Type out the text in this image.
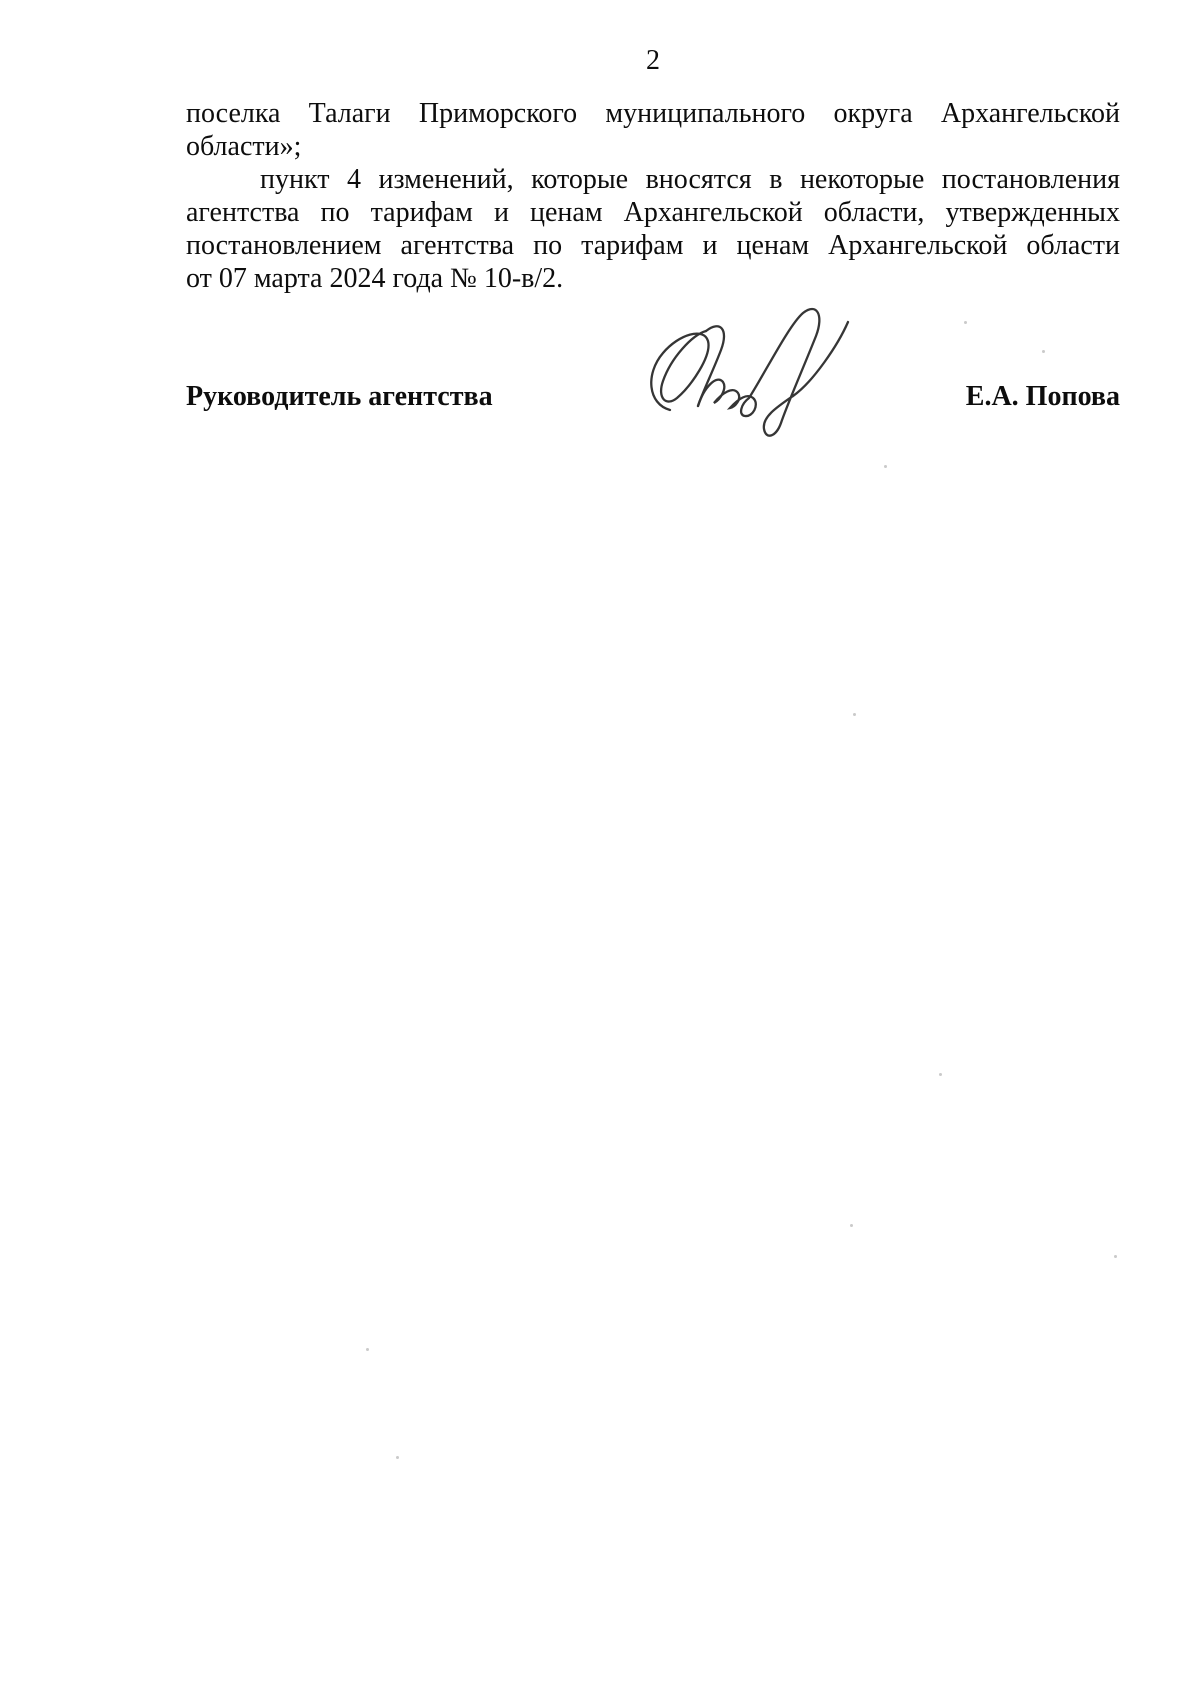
2
поселка Талаги Приморского муниципального округа Архангельской
области»;
пункт 4 изменений, которые вносятся в некоторые постановления
агентства по тарифам и ценам Архангельской области, утвержденных
постановлением агентства по тарифам и ценам Архангельской области
от 07 марта 2024 года № 10-в/2.
Руководитель агентства	Е.А. Попова
